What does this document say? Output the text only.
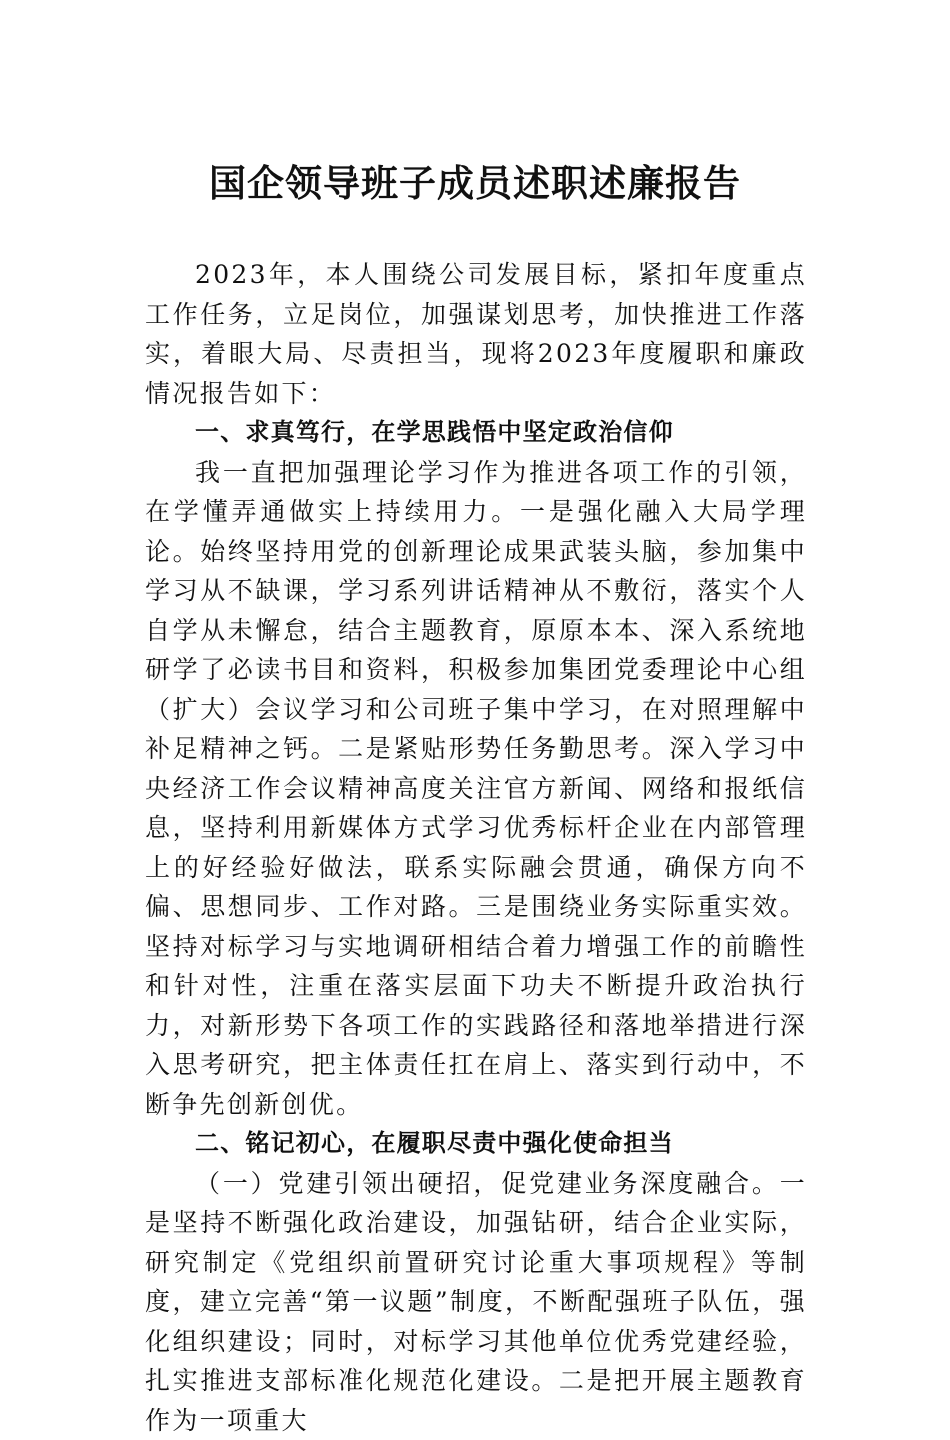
国企领导班子成员述职述廉报告

2023年，本人围绕公司发展目标，紧扣年度重点工作任务，立足岗位，加强谋划思考，加快推进工作落实，着眼大局、尽责担当，现将2023年度履职和廉政情况报告如下：

一、求真笃行，在学思践悟中坚定政治信仰

我一直把加强理论学习作为推进各项工作的引领，在学懂弄通做实上持续用力。一是强化融入大局学理论。始终坚持用党的创新理论成果武装头脑，参加集中学习从不缺课，学习系列讲话精神从不敷衍，落实个人自学从未懈怠，结合主题教育，原原本本、深入系统地研学了必读书目和资料，积极参加集团党委理论中心组（扩大）会议学习和公司班子集中学习，在对照理解中补足精神之钙。二是紧贴形势任务勤思考。深入学习中央经济工作会议精神高度关注官方新闻、网络和报纸信息，坚持利用新媒体方式学习优秀标杆企业在内部管理上的好经验好做法，联系实际融会贯通，确保方向不偏、思想同步、工作对路。三是围绕业务实际重实效。坚持对标学习与实地调研相结合着力增强工作的前瞻性和针对性，注重在落实层面下功夫不断提升政治执行力，对新形势下各项工作的实践路径和落地举措进行深入思考研究，把主体责任扛在肩上、落实到行动中，不断争先创新创优。

二、铭记初心，在履职尽责中强化使命担当

（一）党建引领出硬招，促党建业务深度融合。一是坚持不断强化政治建设，加强钻研，结合企业实际，研究制定《党组织前置研究讨论重大事项规程》等制度，建立完善“第一议题”制度，不断配强班子队伍，强化组织建设；同时，对标学习其他单位优秀党建经验，扎实推进支部标准化规范化建设。二是把开展主题教育作为一项重大
